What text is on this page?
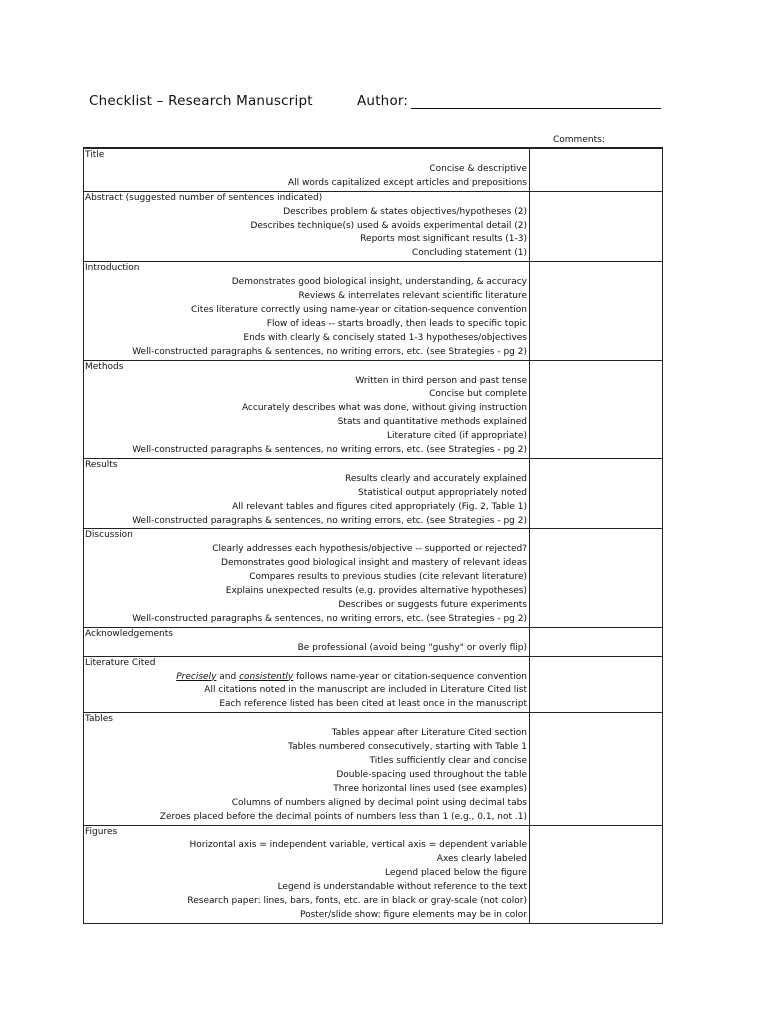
Checklist – Research Manuscript	Author:
Comments:
Title
Concise & descriptive
All words capitalized except articles and prepositions
Abstract (suggested number of sentences indicated)
Describes problem & states objectives/hypotheses (2)
Describes technique(s) used & avoids experimental detail (2)
Reports most significant results (1-3)
Concluding statement (1)
Introduction
Demonstrates good biological insight, understanding, & accuracy
Reviews & interrelates relevant scientific literature
Cites literature correctly using name-year or citation-sequence convention
Flow of ideas -- starts broadly, then leads to specific topic
Ends with clearly & concisely stated 1-3 hypotheses/objectives
Well-constructed paragraphs & sentences, no writing errors, etc. (see Strategies - pg 2)
Methods
Written in third person and past tense
Concise but complete
Accurately describes what was done, without giving instruction
Stats and quantitative methods explained
Literature cited (if appropriate)
Well-constructed paragraphs & sentences, no writing errors, etc. (see Strategies - pg 2)
Results
Results clearly and accurately explained
Statistical output appropriately noted
All relevant tables and figures cited appropriately (Fig. 2, Table 1)
Well-constructed paragraphs & sentences, no writing errors, etc. (see Strategies - pg 2)
Discussion
Clearly addresses each hypothesis/objective -- supported or rejected?
Demonstrates good biological insight and mastery of relevant ideas
Compares results to previous studies (cite relevant literature)
Explains unexpected results (e.g. provides alternative hypotheses)
Describes or suggests future experiments
Well-constructed paragraphs & sentences, no writing errors, etc. (see Strategies - pg 2)
Acknowledgements
Be professional (avoid being "gushy" or overly flip)
Literature Cited
Precisely and consistently follows name-year or citation-sequence convention
All citations noted in the manuscript are included in Literature Cited list
Each reference listed has been cited at least once in the manuscript
Tables
Tables appear after Literature Cited section
Tables numbered consecutively, starting with Table 1
Titles sufficiently clear and concise
Double-spacing used throughout the table
Three horizontal lines used (see examples)
Columns of numbers aligned by decimal point using decimal tabs
Zeroes placed before the decimal points of numbers less than 1 (e.g., 0.1, not .1)
Figures
Horizontal axis = independent variable, vertical axis = dependent variable
Axes clearly labeled
Legend placed below the figure
Legend is understandable without reference to the text
Research paper: lines, bars, fonts, etc. are in black or gray-scale (not color)
Poster/slide show: figure elements may be in color
